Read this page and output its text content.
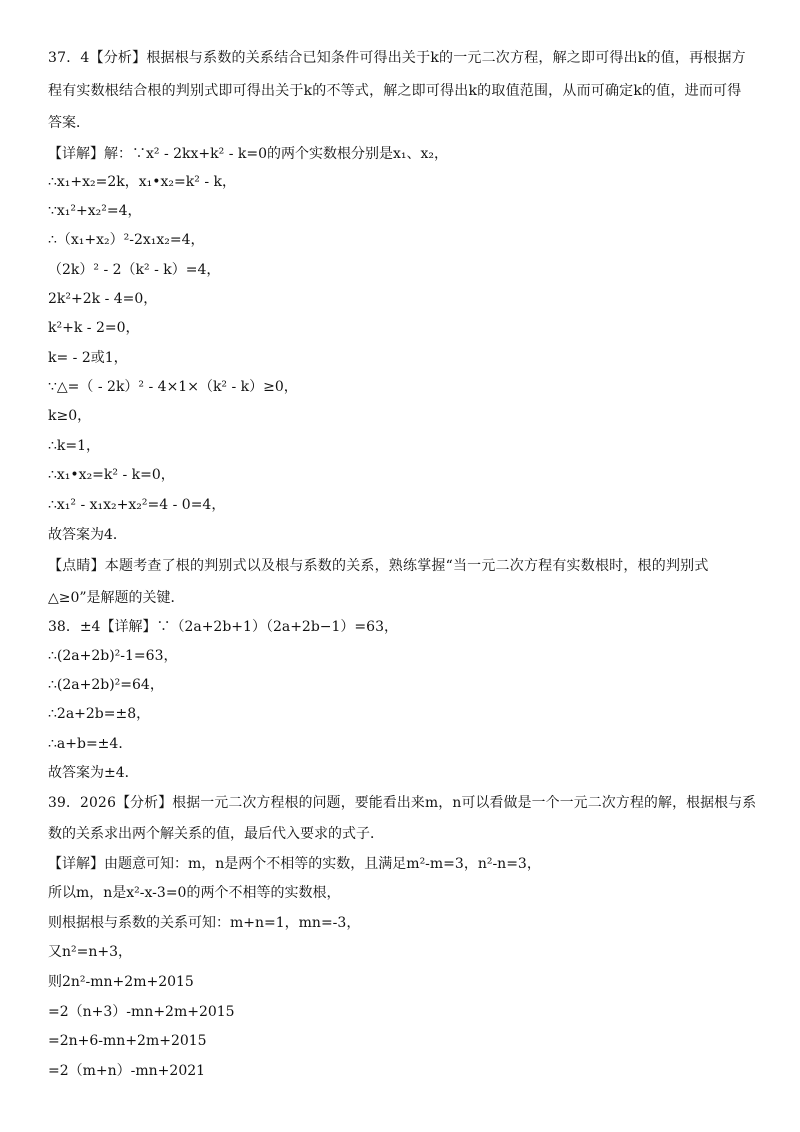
37．4【分析】根据根与系数的关系结合已知条件可得出关于k的一元二次方程，解之即可得出k的值，再根据方
程有实数根结合根的判别式即可得出关于k的不等式，解之即可得出k的取值范围，从而可确定k的值，进而可得
答案．
【详解】解：∵x² - 2kx+k² - k=0的两个实数根分别是x₁、x₂，
∴x₁+x₂=2k，x₁•x₂=k² - k，
∵x₁²+x₂²=4，
∴（x₁+x₂）²-2x₁x₂=4，
（2k）² - 2（k² - k）=4，
2k²+2k - 4=0，
k²+k - 2=0，
k= - 2或1，
∵△=（ - 2k）² - 4×1×（k² - k）≥0，
k≥0，
∴k=1，
∴x₁•x₂=k² - k=0，
∴x₁² - x₁x₂+x₂²=4 - 0=4，
故答案为4．
【点睛】本题考查了根的判别式以及根与系数的关系，熟练掌握“当一元二次方程有实数根时，根的判别式
△≥0”是解题的关键．
38．±4【详解】∵（2a+2b+1）（2a+2b−1）=63，
∴(2a+2b)²-1=63，
∴(2a+2b)²=64，
∴2a+2b=±8，
∴a+b=±4．
故答案为±4．
39．2026【分析】根据一元二次方程根的问题，要能看出来m，n可以看做是一个一元二次方程的解，根据根与系
数的关系求出两个解关系的值，最后代入要求的式子．
【详解】由题意可知：m，n是两个不相等的实数，且满足m²-m=3，n²-n=3，
所以m，n是x²-x-3=0的两个不相等的实数根，
则根据根与系数的关系可知：m+n=1，mn=-3，
又n²=n+3，
则2n²-mn+2m+2015
=2（n+3）-mn+2m+2015
=2n+6-mn+2m+2015
=2（m+n）-mn+2021
